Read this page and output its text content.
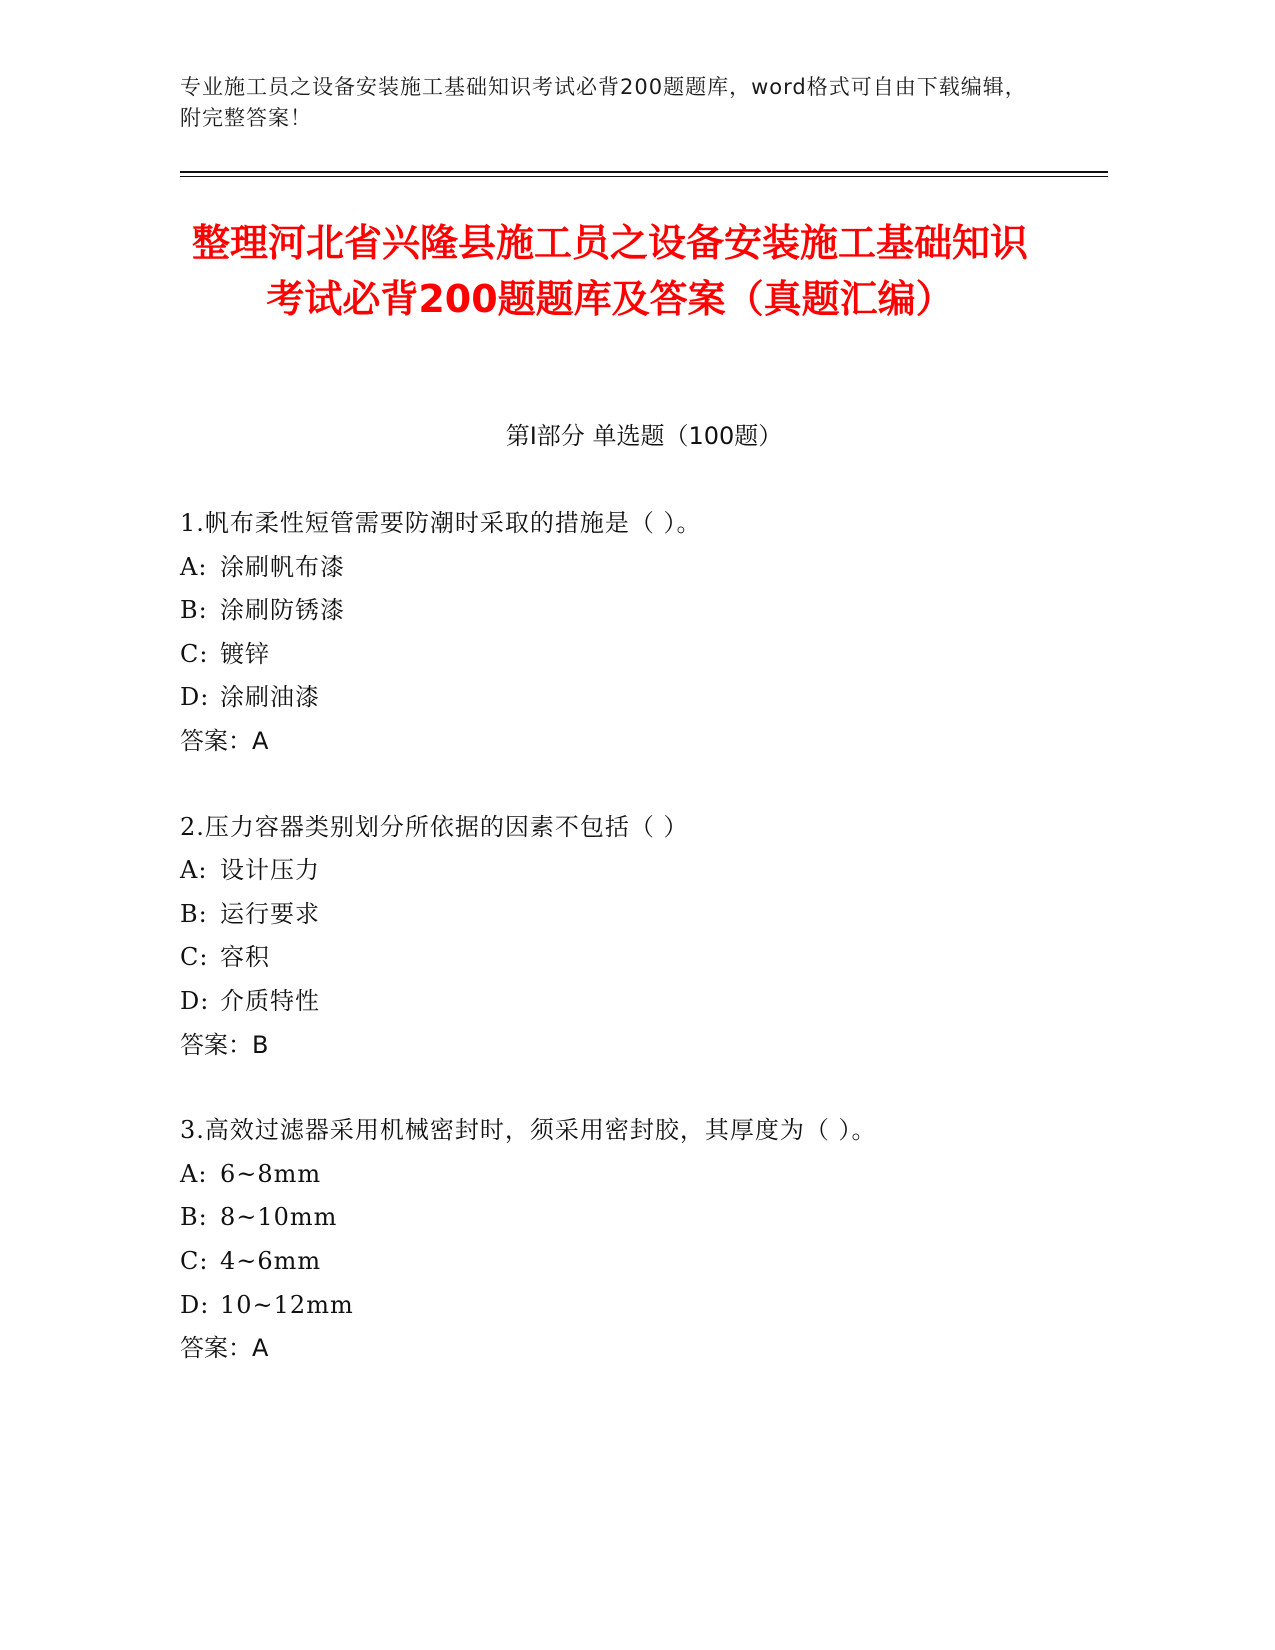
专业施工员之设备安装施工基础知识考试必背200题题库，word格式可自由下载编辑，附完整答案！
整理河北省兴隆县施工员之设备安装施工基础知识考试必背200题题库及答案（真题汇编）
第I部分 单选题（100题）
1.帆布柔性短管需要防潮时采取的措施是（ ）。
A: 涂刷帆布漆
B: 涂刷防锈漆
C: 镀锌
D: 涂刷油漆
答案：A
2.压力容器类别划分所依据的因素不包括（ ）
A: 设计压力
B: 运行要求
C: 容积
D: 介质特性
答案：B
3.高效过滤器采用机械密封时，须采用密封胶，其厚度为（ ）。
A: 6~8mm
B: 8~10mm
C: 4~6mm
D: 10~12mm
答案：A
